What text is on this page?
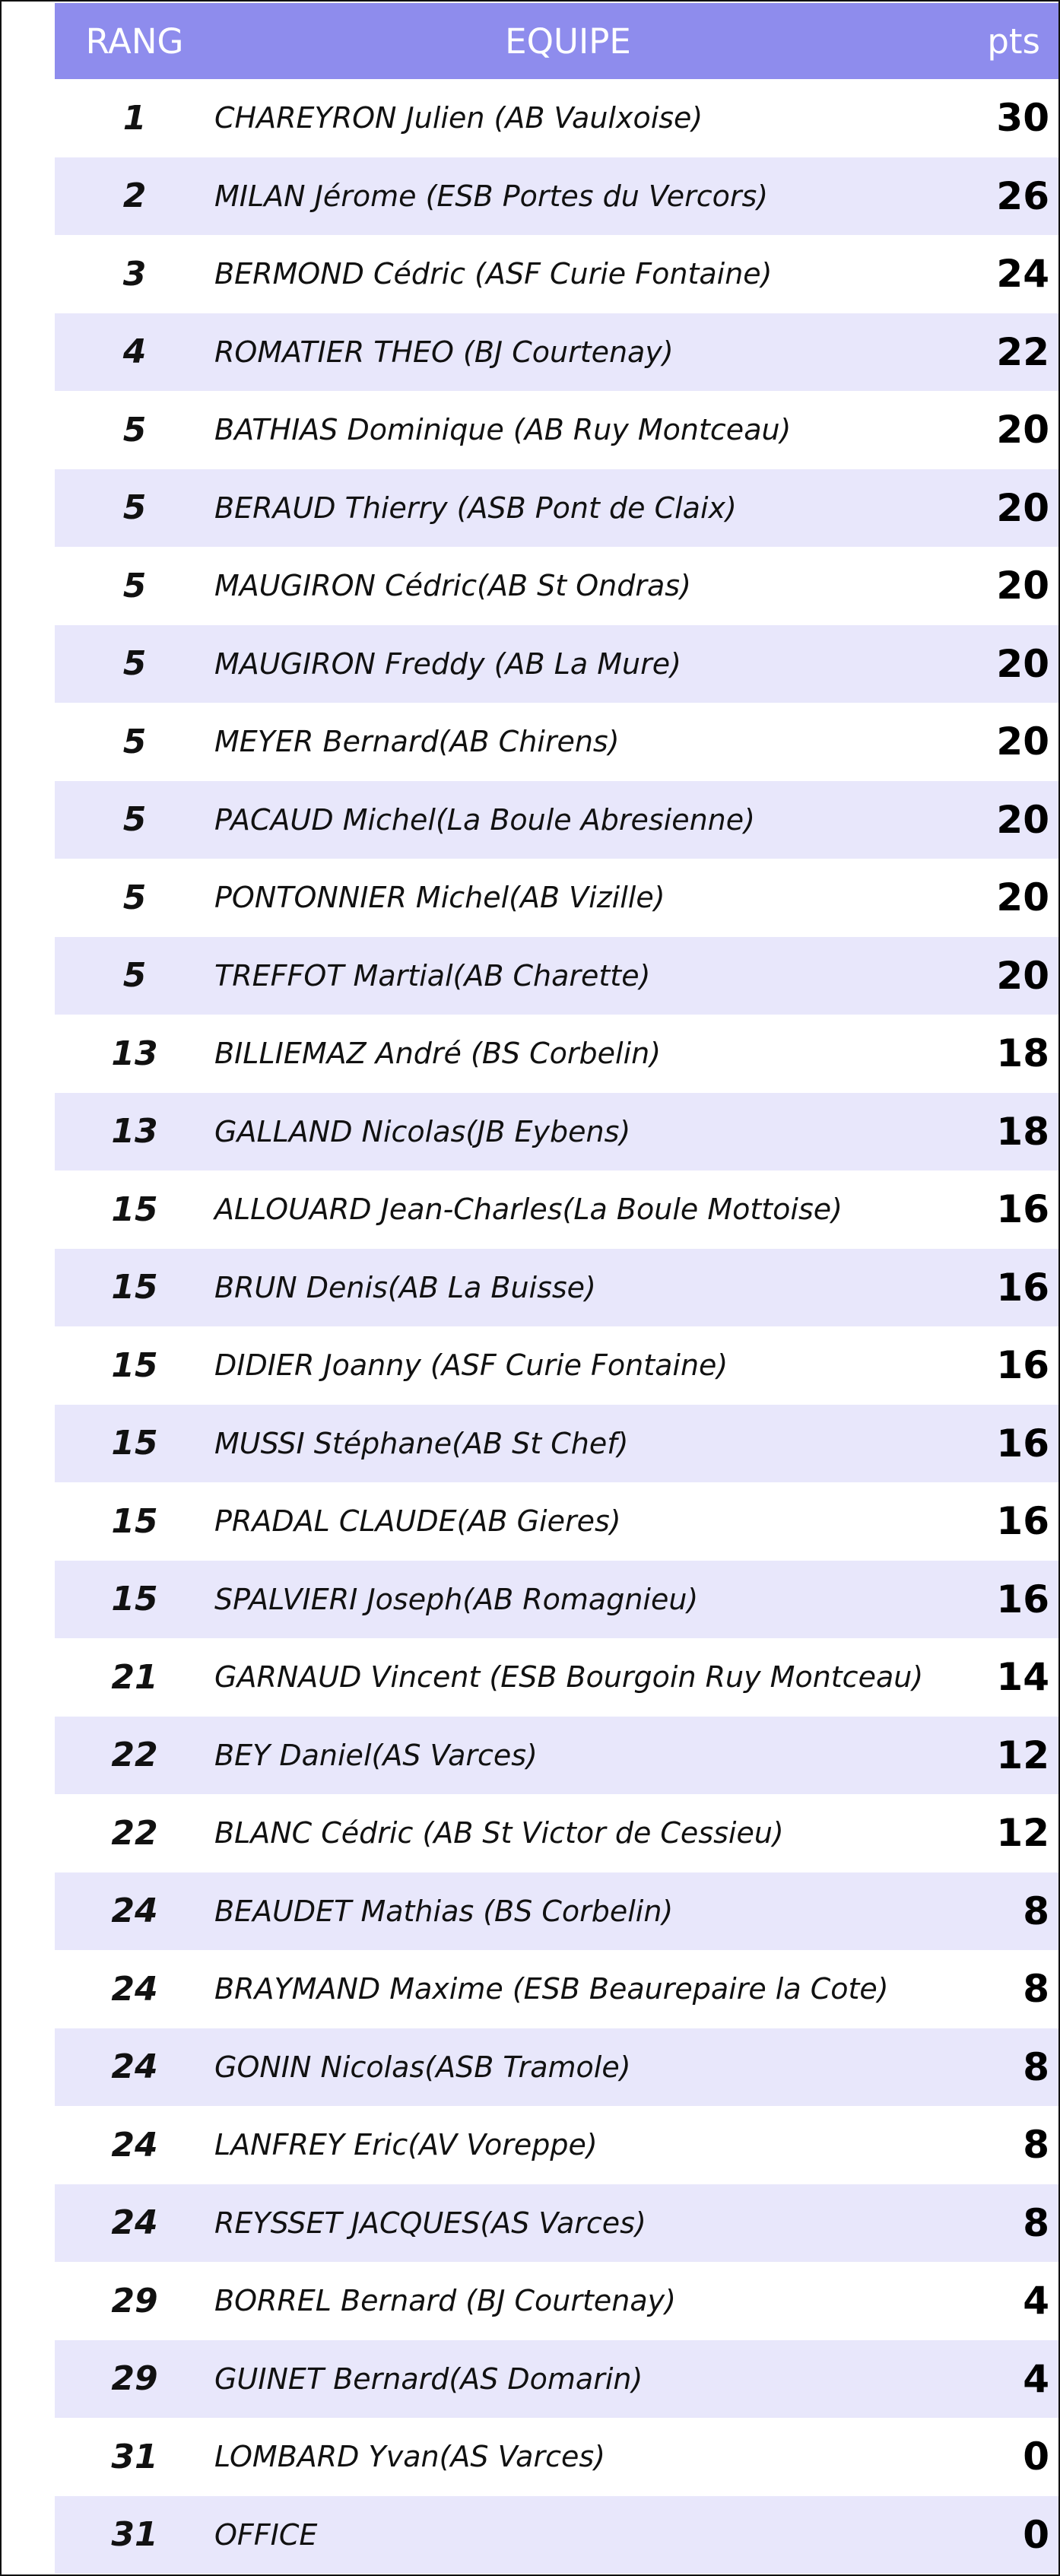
RANG	EQUIPE	pts
1	CHAREYRON Julien (AB Vaulxoise)	30
2	MILAN Jérome (ESB Portes du Vercors)	26
3	BERMOND Cédric (ASF Curie Fontaine)	24
4	ROMATIER THEO (BJ Courtenay)	22
5	BATHIAS Dominique (AB Ruy Montceau)	20
5	BERAUD Thierry (ASB Pont de Claix)	20
5	MAUGIRON Cédric(AB St Ondras)	20
5	MAUGIRON Freddy (AB La Mure)	20
5	MEYER Bernard(AB Chirens)	20
5	PACAUD Michel(La Boule Abresienne)	20
5	PONTONNIER Michel(AB Vizille)	20
5	TREFFOT Martial(AB Charette)	20
13	BILLIEMAZ André (BS Corbelin)	18
13	GALLAND Nicolas(JB Eybens)	18
15	ALLOUARD Jean-Charles(La Boule Mottoise)	16
15	BRUN Denis(AB La Buisse)	16
15	DIDIER Joanny (ASF Curie Fontaine)	16
15	MUSSI Stéphane(AB St Chef)	16
15	PRADAL CLAUDE(AB Gieres)	16
15	SPALVIERI Joseph(AB Romagnieu)	16
21	GARNAUD Vincent (ESB Bourgoin Ruy Montceau)	14
22	BEY Daniel(AS Varces)	12
22	BLANC Cédric (AB St Victor de Cessieu)	12
24	BEAUDET Mathias (BS Corbelin)	8
24	BRAYMAND Maxime (ESB Beaurepaire la Cote)	8
24	GONIN Nicolas(ASB Tramole)	8
24	LANFREY Eric(AV Voreppe)	8
24	REYSSET JACQUES(AS Varces)	8
29	BORREL Bernard (BJ Courtenay)	4
29	GUINET Bernard(AS Domarin)	4
31	LOMBARD Yvan(AS Varces)	0
31	OFFICE	0
